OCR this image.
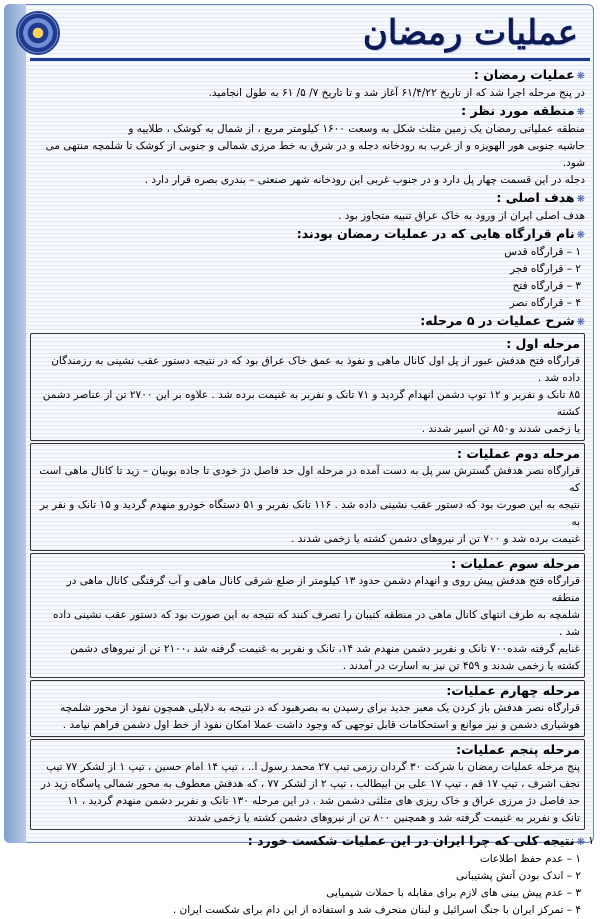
عملیات رمضان
❋عملیات رمضان :

در پنج مرحله اجرا شد که از تاریخ ۶۱/۴/۲۲ آغاز شد و تا تاریخ ۷/ ۵/ ۶۱ به طول انجامید.

❋منطقه مورد نظر :

منطقه عملیاتی رمضان یک زمین مثلث شکل به وسعت ۱۶۰۰ کیلومتر مربع ، از شمال به کوشک ، طلاییه و

حاشیه جنوبی هور الهویزه و از غرب به رودخانه دجله و در شرق به خط مرزی شمالی و جنوبی از کوشک تا شلمچه منتهی می شود.

دجله در این قسمت چهار پل دارد و در جنوب غربی این رودخانه شهر صنعتی – بندری بصره قرار دارد .

❋هدف اصلی :

هدف اصلی ایران از ورود به خاک عراق تنبیه متجاوز بود .

❋نام قرارگاه هایی که در عملیات رمضان بودند:

۱ – قرارگاه قدس

۲ – قرارگاه فجر

۳ – قرارگاه فتح

۴ – قرارگاه نصر

❋شرح عملیات در ۵ مرحله:
مرحله اول :

قرارگاه فتح هدفش عبور از پل اول کانال ماهی و نفوذ به عمق خاک عراق بود که در نتیجه دستور عقب نشینی به رزمندگان داده شد .

۸۵ تانک و نفربر و ۱۲ توپ دشمن انهدام گردید و ۷۱ تانک و نفربر به غنیمت برده شد . علاوه بر این ۲۷۰۰ تن از عناصر دشمن کشته

یا زخمی شدند و۸۵۰ تن اسیر شدند .

مرحله دوم عملیات :

قرارگاه نصر هدفش گسترش سر پل به دست آمده در مرحله اول حد فاصل دژ خودی تا جاده بوبیان – زید تا کانال ماهی است که

نتیجه به این صورت بود که دستور عقب نشینی داده شد . ۱۱۶ تانک نفربر و ۵۱ دستگاه خودرو منهدم گردید و ۱۵ تانک و نفر بر به

غنیمت برده شد و ۷۰۰ تن از نیروهای دشمن کشته یا زخمی شدند .

مرحله سوم عملیات :

قرارگاه فتح هدفش پیش روی و انهدام دشمن حدود ۱۳ کیلومتر از ضلع شرقی کانال ماهی و آب گرفتگی کانال ماهی در منطقه

شلمچه به طرف انتهای کانال ماهی در منطقه کتیبان را تصرف کنند که نتیجه به این صورت بود که دستور عقب نشینی داده

شد .

غنایم گرفته شده۷۰۰ تانک و نفربر دشمن منهدم شد ۱۴، تانک و نفربر به غنیمت گرفته شد ،۲۱۰۰ تن از نیروهای دشمن

کشته یا زخمی شدند و ۴۵۹ تن نیز به اسارت در آمدند .

مرحله چهارم عملیات:

قرارگاه نصر هدفش باز کردن یک معبر جدید برای رسیدن به بصرهبود که در نتیجه به دلایلی همچون نفوذ از محور شلمچه

هوشیاری دشمن و نیز موانع و استحکامات قابل توجهی که وجود داشت عملا امکان نفوذ از خط اول دشمن فراهم نیامد .

مرحله پنجم عملیات:

پنج مرحله عملیات رمضان با شرکت ۳۰ گردان رزمی تیپ ۲۷ محمد رسول ا.. ، تیپ ۱۴ امام حسین ، تیپ ۱ از لشکر ۷۷ تیپ

نجف اشرف ، تیپ ۱۷ قم ، تیپ ۱۷ علی بن ابیطالب ، تیپ ۲ از لشکر ۷۷ ، که هدفش معطوف به محور شمالی پاسگاه زید در

حد فاصل دژ مرزی عراق و خاک ریزی های مثلثی دشمن شد . در این مرحله ۱۳۰ تانک و نفربر دشمن منهدم گردید ، ۱۱

تانک و نفربر به غنیمت گرفته شد و همچنین ۸۰۰ تن از نیروهای دشمن کشته یا زخمی شدند

❋نتیجه کلی که چرا ایران در این عملیات شکست خورد :

۱ – عدم حفظ اطلاعات

۲ – اندک بودن آتش پشتیبانی

۳ – عدم پیش بینی های لازم برای مقابله با حملات شیمیایی

۴ – تمرکز ایران با جنگ اسرائیل و لبنان منحرف شد و استفاده از این دام برای شکست ایران .

۱
